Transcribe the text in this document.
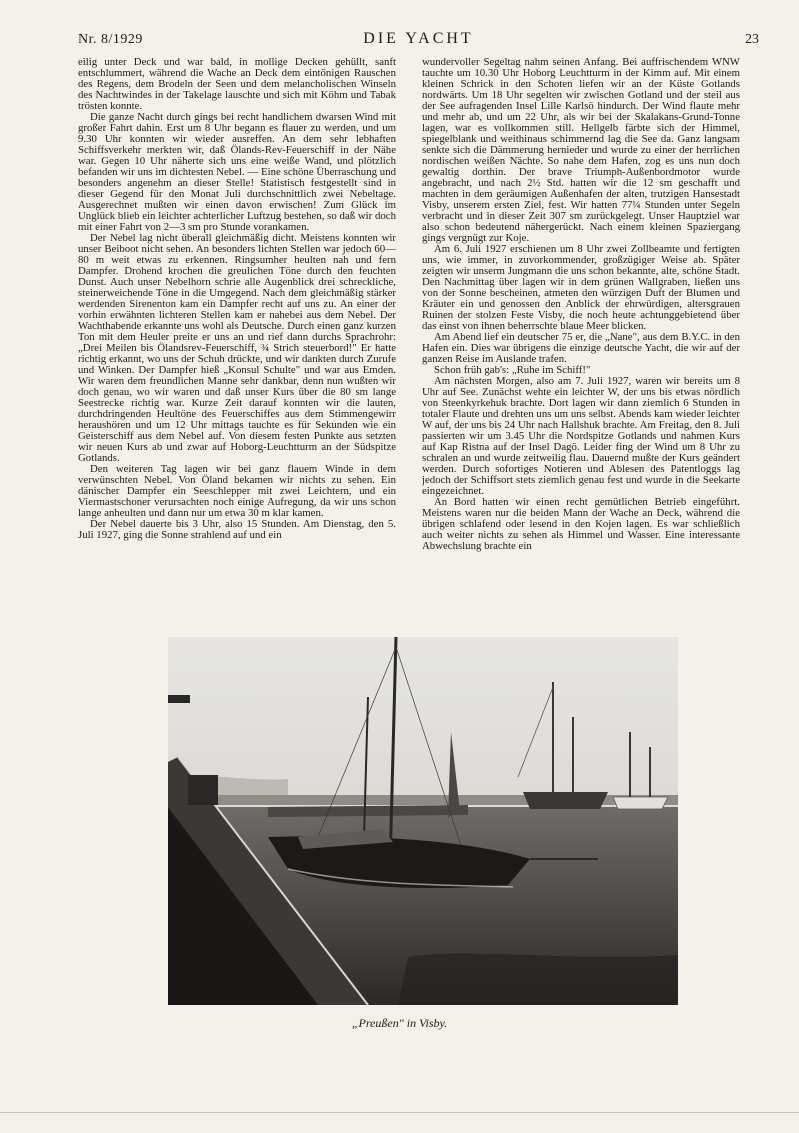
Nr. 8/1929	DIE YACHT	23

eilig unter Deck und war bald, in mollige Decken gehüllt, sanft entschlummert, während die Wache an Deck dem eintönigen Rauschen des Regens, dem Brodeln der Seen und dem melancholischen Winseln des Nachtwindes in der Takelage lauschte und sich mit Köhm und Tabak trösten konnte.

Die ganze Nacht durch gings bei recht handlichem dwarsen Wind mit großer Fahrt dahin. Erst um 8 Uhr begann es flauer zu werden, und um 9.30 Uhr konnten wir wieder ausreffen. An dem sehr lebhaften Schiffsverkehr merkten wir, daß Ölands-Rev-Feuerschiff in der Nähe war. Gegen 10 Uhr näherte sich uns eine weiße Wand, und plötzlich befanden wir uns im dichtesten Nebel. — Eine schöne Überraschung und besonders angenehm an dieser Stelle! Statistisch festgestellt sind in dieser Gegend für den Monat Juli durchschnittlich zwei Nebeltage. Ausgerechnet mußten wir einen davon erwischen! Zum Glück im Unglück blieb ein leichter achterlicher Luftzug bestehen, so daß wir doch mit einer Fahrt von 2—3 sm pro Stunde vorankamen.

Der Nebel lag nicht überall gleichmäßig dicht. Meistens konnten wir unser Beiboot nicht sehen. An besonders lichten Stellen war jedoch 60—80 m weit etwas zu erkennen. Ringsumher heulten nah und fern Dampfer. Drohend krochen die greulichen Töne durch den feuchten Dunst. Auch unser Nebelhorn schrie alle Augenblick drei schreckliche, steinerweichende Töne in die Umgegend. Nach dem gleichmäßig stärker werdenden Sirenenton kam ein Dampfer recht auf uns zu. An einer der vorhin erwähnten lichteren Stellen kam er nahebei aus dem Nebel. Der Wachthabende erkannte uns wohl als Deutsche. Durch einen ganz kurzen Ton mit dem Heuler preite er uns an und rief dann durchs Sprachrohr: „Drei Meilen bis Ölandsrev-Feuerschiff, ¾ Strich steuerbord!" Er hatte richtig erkannt, wo uns der Schuh drückte, und wir dankten durch Zurufe und Winken. Der Dampfer hieß „Konsul Schulte" und war aus Emden. Wir waren dem freundlichen Manne sehr dankbar, denn nun wußten wir doch genau, wo wir waren und daß unser Kurs über die 80 sm lange Seestrecke richtig war. Kurze Zeit darauf konnten wir die lauten, durchdringenden Heultöne des Feuerschiffes aus dem Stimmengewirr heraushören und um 12 Uhr mittags tauchte es für Sekunden wie ein Geisterschiff aus dem Nebel auf. Von diesem festen Punkte aus setzten wir neuen Kurs ab und zwar auf Hoborg-Leuchtturm an der Südspitze Gotlands.

Den weiteren Tag lagen wir bei ganz flauem Winde in dem verwünschten Nebel. Von Öland bekamen wir nichts zu sehen. Ein dänischer Dampfer ein Seeschlepper mit zwei Leichtern, und ein Viermastschoner verursachten noch einige Aufregung, da wir uns schon lange anheulten und dann nur um etwa 30 m klar kamen.

Der Nebel dauerte bis 3 Uhr, also 15 Stunden. Am Dienstag, den 5. Juli 1927, ging die Sonne strahlend auf und ein

wundervoller Segeltag nahm seinen Anfang. Bei auffrischendem WNW tauchte um 10.30 Uhr Hoborg Leuchtturm in der Kimm auf. Mit einem kleinen Schrick in den Schoten liefen wir an der Küste Gotlands nordwärts. Um 18 Uhr segelten wir zwischen Gotland und der steil aus der See aufragenden Insel Lille Karlsö hindurch. Der Wind flaute mehr und mehr ab, und um 22 Uhr, als wir bei der Skalakans-Grund-Tonne lagen, war es vollkommen still. Hellgelb färbte sich der Himmel, spiegelblank und weithinaus schimmernd lag die See da. Ganz langsam senkte sich die Dämmerung hernieder und wurde zu einer der herrlichen nordischen weißen Nächte. So nahe dem Hafen, zog es uns nun doch gewaltig dorthin. Der brave Triumph-Außenbordmotor wurde angebracht, und nach 2½ Std. hatten wir die 12 sm geschafft und machten in dem geräumigen Außenhafen der alten, trutzigen Hansestadt Visby, unserem ersten Ziel, fest. Wir hatten 77¼ Stunden unter Segeln verbracht und in dieser Zeit 307 sm zurückgelegt. Unser Hauptziel war also schon bedeutend nähergerückt. Nach einem kleinen Spaziergang gings vergnügt zur Koje.

Am 6. Juli 1927 erschienen um 8 Uhr zwei Zollbeamte und fertigten uns, wie immer, in zuvorkommender, großzügiger Weise ab. Später zeigten wir unserm Jungmann die uns schon bekannte, alte, schöne Stadt. Den Nachmittag über lagen wir in dem grünen Wallgraben, ließen uns von der Sonne bescheinen, atmeten den würzigen Duft der Blumen und Kräuter ein und genossen den Anblick der ehrwürdigen, altersgrauen Ruinen der stolzen Feste Visby, die noch heute achtunggebietend über das einst von ihnen beherrschte blaue Meer blicken.

Am Abend lief ein deutscher 75 er, die „Nane", aus dem B.Y.C. in den Hafen ein. Dies war übrigens die einzige deutsche Yacht, die wir auf der ganzen Reise im Auslande trafen.

Schon früh gab's: „Ruhe im Schiff!"

Am nächsten Morgen, also am 7. Juli 1927, waren wir bereits um 8 Uhr auf See. Zunächst wehte ein leichter W, der uns bis etwas nördlich von Steenkyrkehuk brachte. Dort lagen wir dann ziemlich 6 Stunden in totaler Flaute und drehten uns um uns selbst. Abends kam wieder leichter W auf, der uns bis 24 Uhr nach Hallshuk brachte. Am Freitag, den 8. Juli passierten wir um 3.45 Uhr die Nordspitze Gotlands und nahmen Kurs auf Kap Ristna auf der Insel Dagö. Leider fing der Wind um 8 Uhr zu schralen an und wurde zeitweilig flau. Dauernd mußte der Kurs geändert werden. Durch sofortiges Notieren und Ablesen des Patentloggs lag jedoch der Schiffsort stets ziemlich genau fest und wurde in die Seekarte eingezeichnet.

An Bord hatten wir einen recht gemütlichen Betrieb eingeführt. Meistens waren nur die beiden Mann der Wache an Deck, während die übrigen schlafend oder lesend in den Kojen lagen. Es war schließlich auch weiter nichts zu sehen als Himmel und Wasser. Eine interessante Abwechslung brachte ein

„Preußen" in Visby.
